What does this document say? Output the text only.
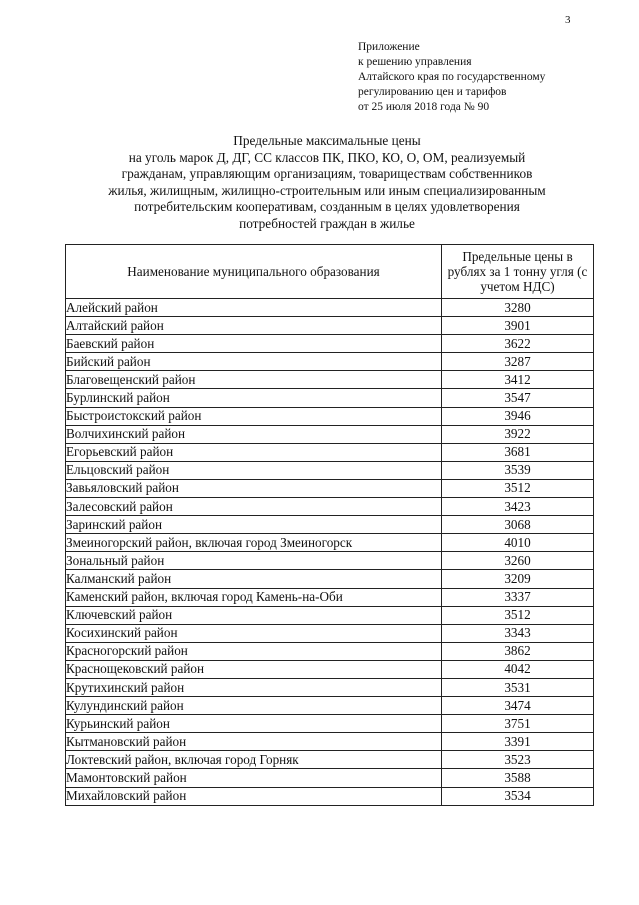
3
Приложение
к решению управления
Алтайского края по государственному
регулированию цен и тарифов
от 25 июля 2018 года № 90
Предельные максимальные цены
на уголь марок Д, ДГ, СС классов ПК, ПКО, КО, О, ОМ, реализуемый
гражданам, управляющим организациям, товариществам собственников
жилья, жилищным, жилищно-строительным или иным специализированным
потребительским кооперативам, созданным в целях удовлетворения
потребностей граждан в жилье
Наименование муниципального образования	Предельные цены в рублях за 1 тонну угля (с учетом НДС)
Алейский район	3280
Алтайский район	3901
Баевский район	3622
Бийский район	3287
Благовещенский район	3412
Бурлинский район	3547
Быстроистокский район	3946
Волчихинский район	3922
Егорьевский район	3681
Ельцовский район	3539
Завьяловский район	3512
Залесовский район	3423
Заринский район	3068
Змеиногорский район, включая город Змеиногорск	4010
Зональный район	3260
Калманский район	3209
Каменский район, включая город Камень-на-Оби	3337
Ключевский район	3512
Косихинский район	3343
Красногорский район	3862
Краснощековский район	4042
Крутихинский район	3531
Кулундинский район	3474
Курьинский район	3751
Кытмановский район	3391
Локтевский район, включая город Горняк	3523
Мамонтовский район	3588
Михайловский район	3534
